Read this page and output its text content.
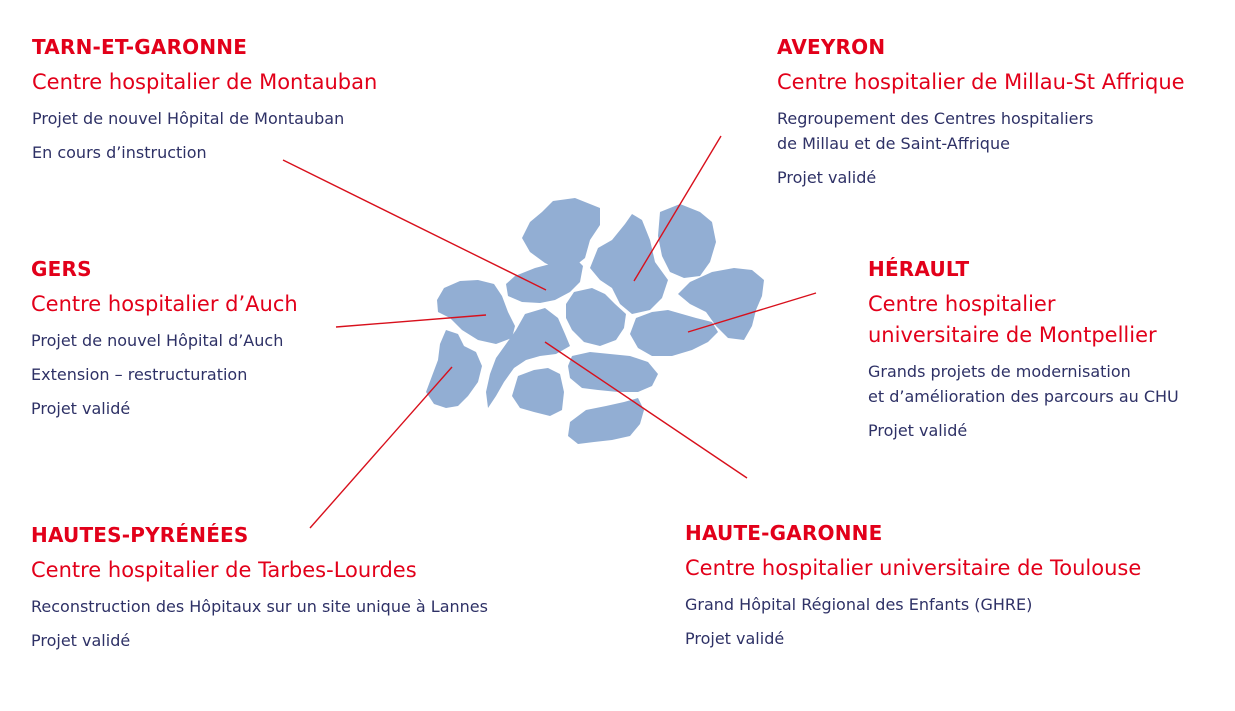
TARN-ET-GARONNE

Centre hospitalier de Montauban

Projet de nouvel Hôpital de Montauban

En cours d’instruction

AVEYRON

Centre hospitalier de Millau-St Affrique

Regroupement des Centres hospitaliers

de Millau et de Saint-Affrique

Projet validé

GERS

Centre hospitalier d’Auch

Projet de nouvel Hôpital d’Auch

Extension – restructuration

Projet validé

HÉRAULT

Centre hospitalier

universitaire de Montpellier

Grands projets de modernisation

et d’amélioration des parcours au CHU

Projet validé

HAUTES-PYRÉNÉES

Centre hospitalier de Tarbes-Lourdes

Reconstruction des Hôpitaux sur un site unique à Lannes

Projet validé

HAUTE-GARONNE

Centre hospitalier universitaire de Toulouse

Grand Hôpital Régional des Enfants (GHRE)

Projet validé
